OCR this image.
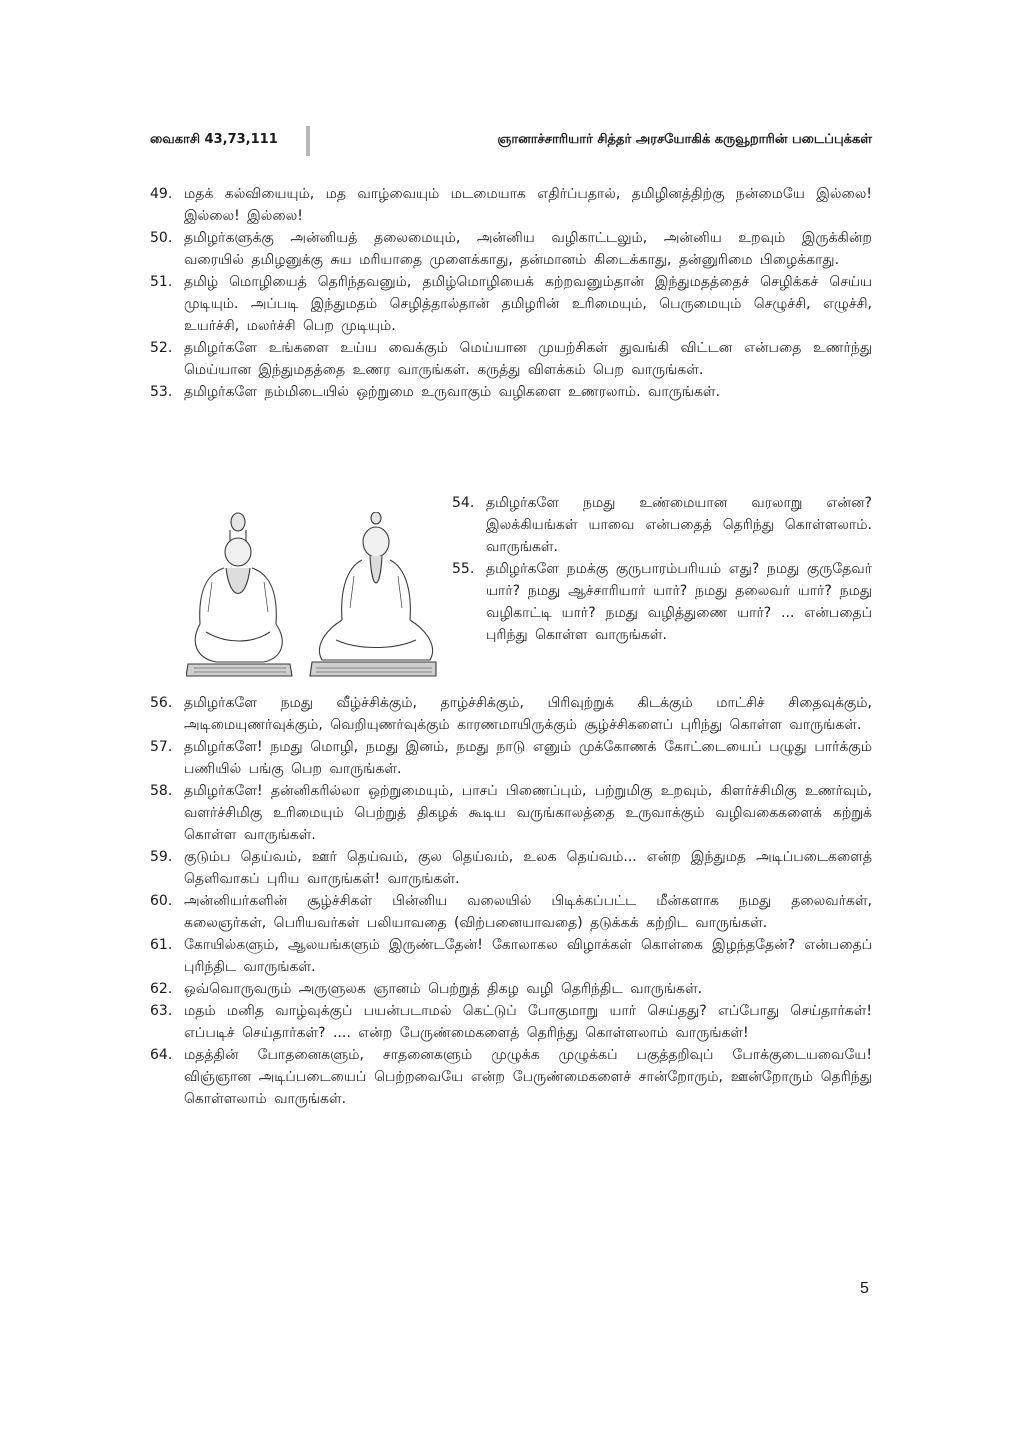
வைகாசி 43,73,111	ஞானாச்சாரியார் சித்தர் அரசயோகிக் கருவூறாரின் படைப்புக்கள்
49. மதக் கல்வியையும், மத வாழ்வையும் மடமையாக எதிர்ப்பதால், தமிழினத்திற்கு நன்மையே இல்லை! இல்லை! இல்லை!
50. தமிழர்களுக்கு அன்னியத் தலைமையும், அன்னிய வழிகாட்டலும், அன்னிய உறவும் இருக்கின்ற வரையில் தமிழனுக்கு சுய மரியாதை முளைக்காது, தன்மானம் கிடைக்காது, தன்னுரிமை பிழைக்காது.
51. தமிழ் மொழியைத் தெரிந்தவனும், தமிழ்மொழியைக் கற்றவனும்தான் இந்துமதத்தைச் செழிக்கச் செய்ய முடியும். அப்படி இந்துமதம் செழித்தால்தான் தமிழரின் உரிமையும், பெருமையும் செழுச்சி, எழுச்சி, உயர்ச்சி, மலர்ச்சி பெற முடியும்.
52. தமிழர்களே உங்களை உய்ய வைக்கும் மெய்யான முயற்சிகள் துவங்கி விட்டன என்பதை உணர்ந்து மெய்யான இந்துமதத்தை உணர வாருங்கள். கருத்து விளக்கம் பெற வாருங்கள்.
53. தமிழர்களே நம்மிடையில் ஒற்றுமை உருவாகும் வழிகளை உணரலாம். வாருங்கள்.
54. தமிழர்களே நமது உண்மையான வரலாறு என்ன? இலக்கியங்கள் யாவை என்பதைத் தெரிந்து கொள்ளலாம். வாருங்கள்.
55. தமிழர்களே நமக்கு குருபாரம்பரியம் எது? நமது குருதேவர் யார்? நமது ஆச்சாரியார் யார்? நமது தலைவர் யார்? நமது வழிகாட்டி யார்? நமது வழித்துணை யார்? ... என்பதைப் புரிந்து கொள்ள வாருங்கள்.
56. தமிழர்களே நமது வீழ்ச்சிக்கும், தாழ்ச்சிக்கும், பிரிவுற்றுக் கிடக்கும் மாட்சிச் சிதைவுக்கும், அடிமையுணர்வுக்கும், வெறியுணர்வுக்கும் காரணமாயிருக்கும் சூழ்ச்சிகளைப் புரிந்து கொள்ள வாருங்கள்.
57. தமிழர்களே! நமது மொழி, நமது இனம், நமது நாடு எனும் முக்கோணக் கோட்டையைப் பழுது பார்க்கும் பணியில் பங்கு பெற வாருங்கள்.
58. தமிழர்களே! தன்னிகரில்லா ஒற்றுமையும், பாசப் பிணைப்பும், பற்றுமிகு உறவும், கிளர்ச்சிமிகு உணர்வும், வளர்ச்சிமிகு உரிமையும் பெற்றுத் திகழக் கூடிய வருங்காலத்தை உருவாக்கும் வழிவகைகளைக் கற்றுக் கொள்ள வாருங்கள்.
59. குடும்ப தெய்வம், ஊர் தெய்வம், குல தெய்வம், உலக தெய்வம்... என்ற இந்துமத அடிப்படைகளைத் தெளிவாகப் புரிய வாருங்கள்! வாருங்கள்.
60. அன்னியர்களின் சூழ்ச்சிகள் பின்னிய வலையில் பிடிக்கப்பட்ட மீன்களாக நமது தலைவர்கள், கலைஞர்கள், பெரியவர்கள் பலியாவதை (விற்பனையாவதை) தடுக்கக் கற்றிட வாருங்கள்.
61. கோயில்களும், ஆலயங்களும் இருண்டதேன்! கோலாகல விழாக்கள் கொள்கை இழந்ததேன்? என்பதைப் புரிந்திட வாருங்கள்.
62. ஒவ்வொருவரும் அருளுலக ஞானம் பெற்றுத் திகழ வழி தெரிந்திட வாருங்கள்.
63. மதம் மனித வாழ்வுக்குப் பயன்படாமல் கெட்டுப் போகுமாறு யார் செய்தது? எப்போது செய்தார்கள்! எப்படிச் செய்தார்கள்? .... என்ற பேருண்மைகளைத் தெரிந்து கொள்ளலாம் வாருங்கள்!
64. மதத்தின் போதனைகளும், சாதனைகளும் முழுக்க முழுக்கப் பகுத்தறிவுப் போக்குடையவையே! விஞ்ஞான அடிப்படையைப் பெற்றவையே என்ற பேருண்மைகளைச் சான்றோரும், ஊன்றோரும் தெரிந்து கொள்ளலாம் வாருங்கள்.
5
